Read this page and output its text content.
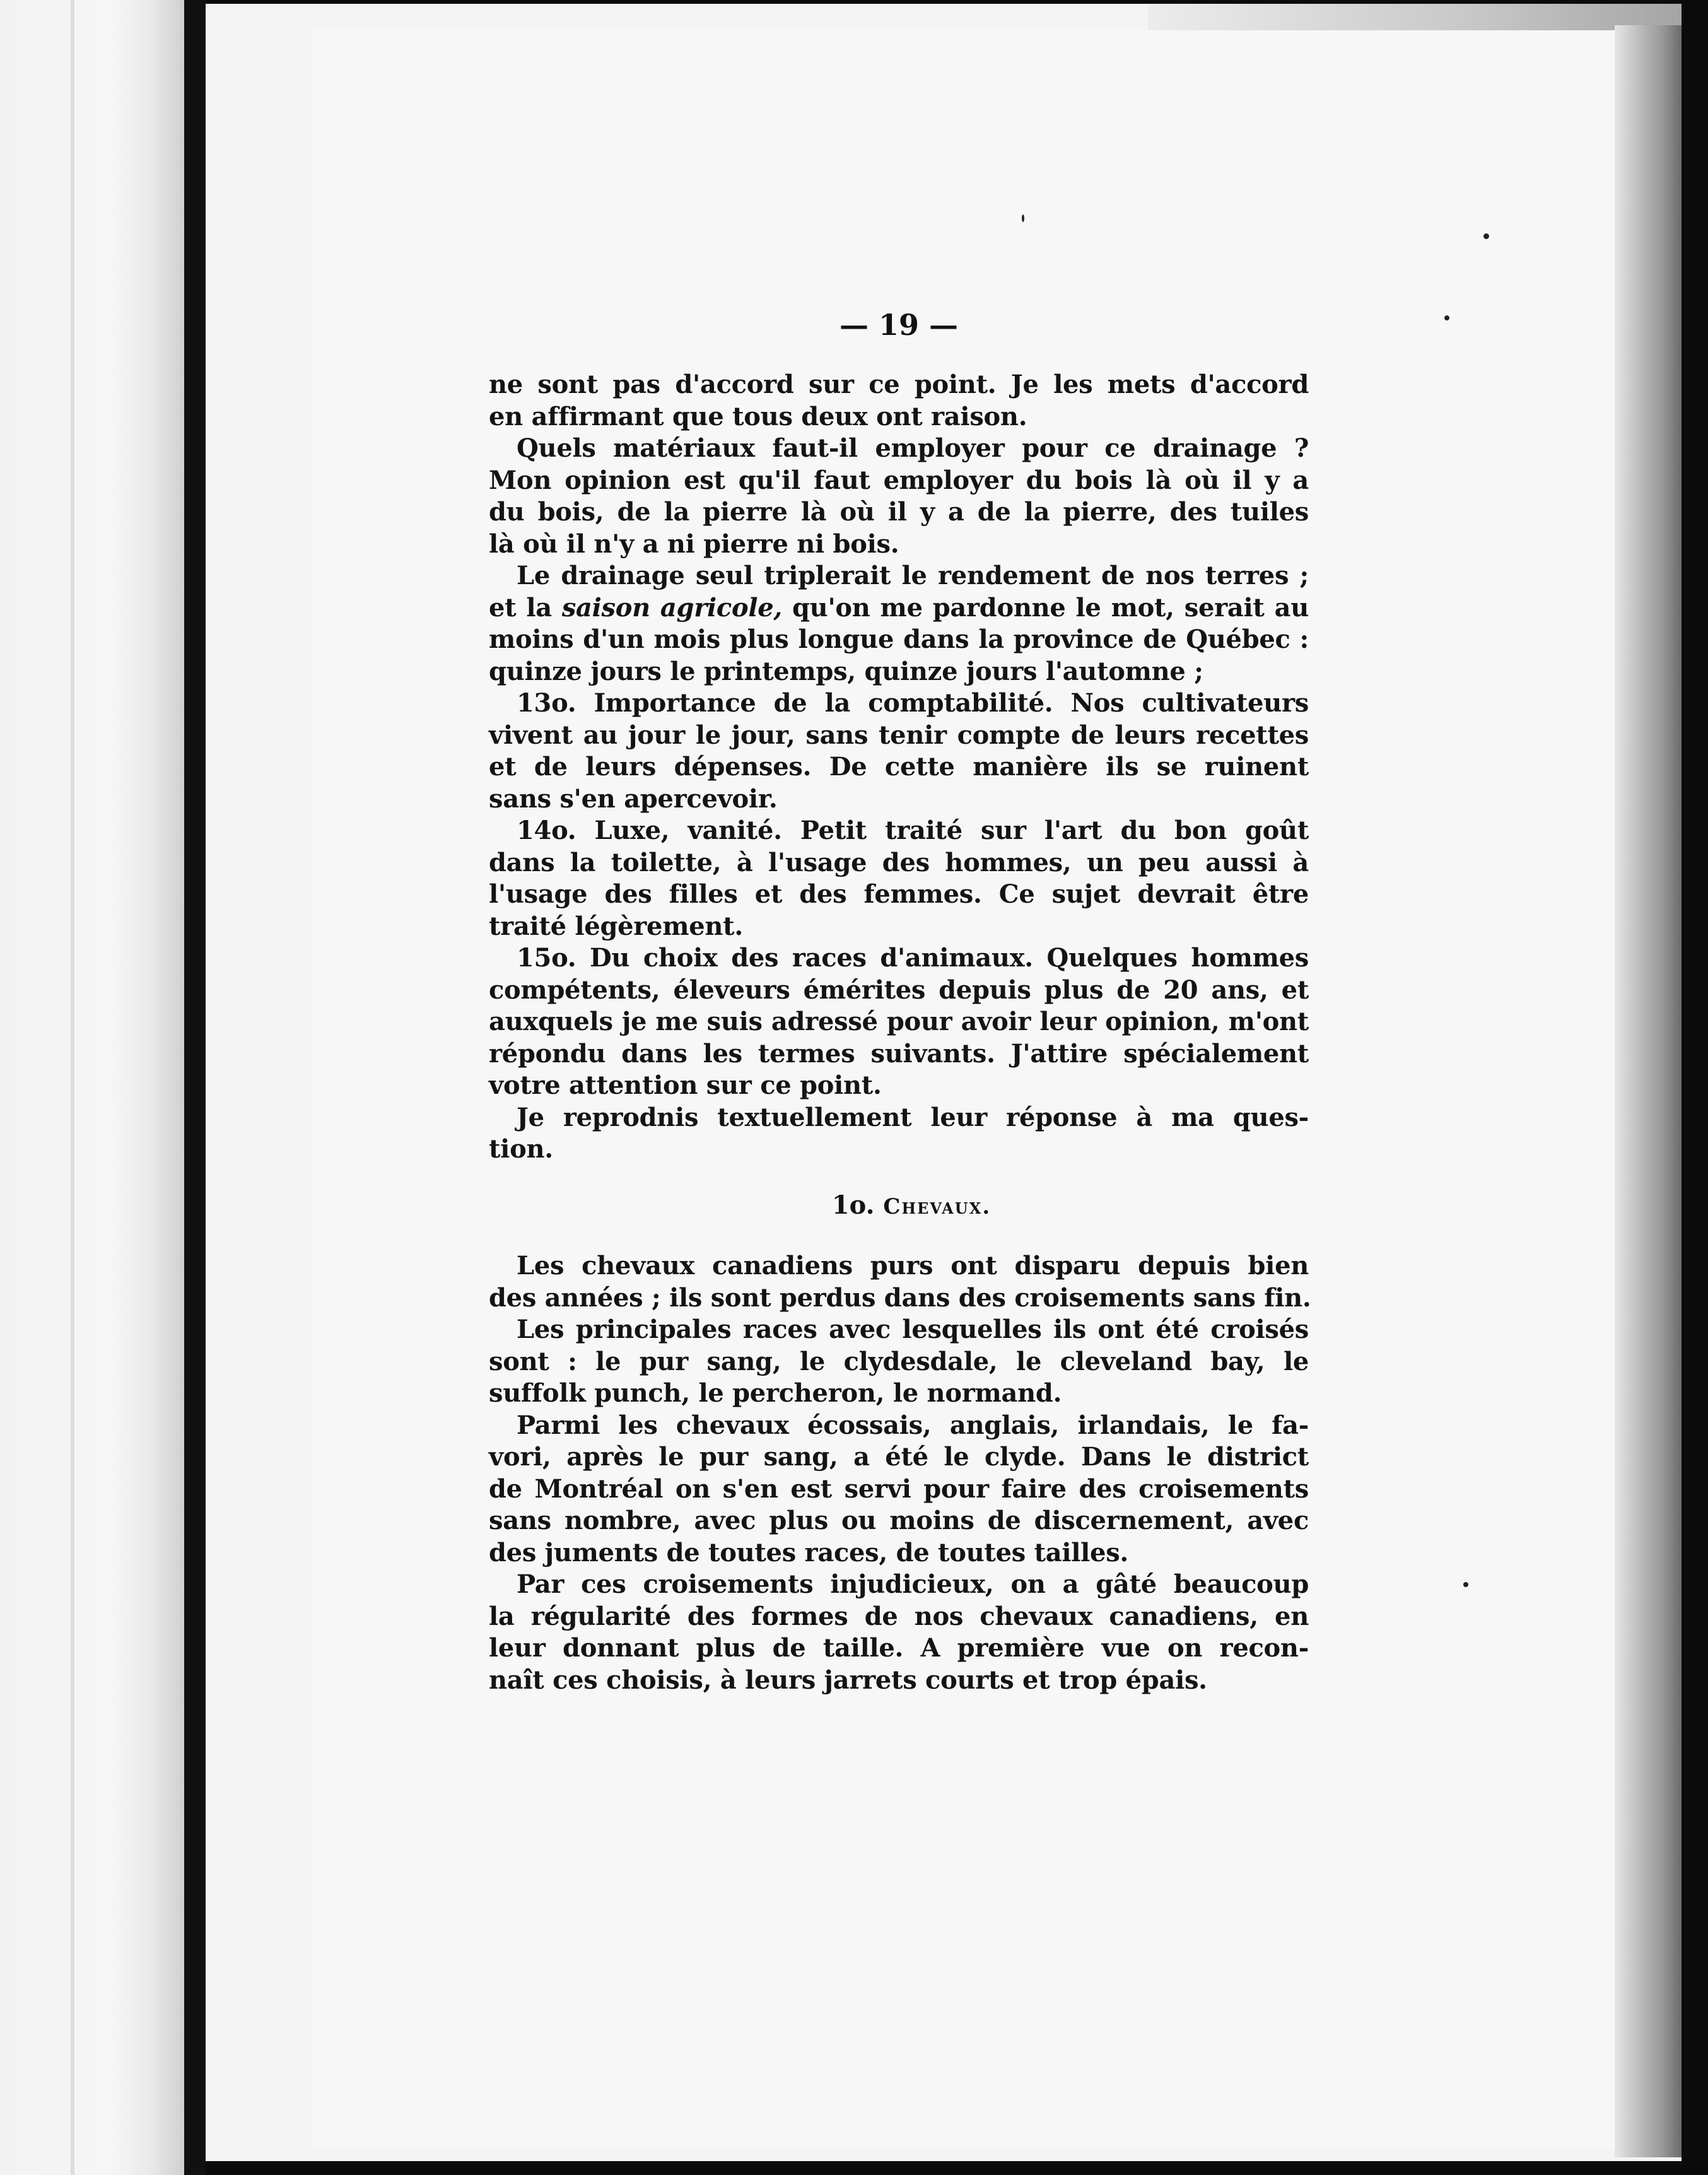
— 19 —
ne sont pas d'accord sur ce point. Je les mets d'accord
en affirmant que tous deux ont raison.
Quels matériaux faut-il employer pour ce drainage ?
Mon opinion est qu'il faut employer du bois là où il y a
du bois, de la pierre là où il y a de la pierre, des tuiles
là où il n'y a ni pierre ni bois.
Le drainage seul triplerait le rendement de nos terres ;
et la saison agricole, qu'on me pardonne le mot, serait au
moins d'un mois plus longue dans la province de Québec :
quinze jours le printemps, quinze jours l'automne ;
13o. Importance de la comptabilité. Nos cultivateurs
vivent au jour le jour, sans tenir compte de leurs recettes
et de leurs dépenses. De cette manière ils se ruinent
sans s'en apercevoir.
14o. Luxe, vanité. Petit traité sur l'art du bon goût
dans la toilette, à l'usage des hommes, un peu aussi à
l'usage des filles et des femmes. Ce sujet devrait être
traité légèrement.
15o. Du choix des races d'animaux. Quelques hommes
compétents, éleveurs émérites depuis plus de 20 ans, et
auxquels je me suis adressé pour avoir leur opinion, m'ont
répondu dans les termes suivants. J'attire spécialement
votre attention sur ce point.
Je reprodnis textuellement leur réponse à ma ques-
tion.
1o. Chevaux.
Les chevaux canadiens purs ont disparu depuis bien
des années ; ils sont perdus dans des croisements sans fin.
Les principales races avec lesquelles ils ont été croisés
sont : le pur sang, le clydesdale, le cleveland bay, le
suffolk punch, le percheron, le normand.
Parmi les chevaux écossais, anglais, irlandais, le fa-
vori, après le pur sang, a été le clyde. Dans le district
de Montréal on s'en est servi pour faire des croisements
sans nombre, avec plus ou moins de discernement, avec
des juments de toutes races, de toutes tailles.
Par ces croisements injudicieux, on a gâté beaucoup
la régularité des formes de nos chevaux canadiens, en
leur donnant plus de taille. A première vue on recon-
naît ces choisis, à leurs jarrets courts et trop épais.
